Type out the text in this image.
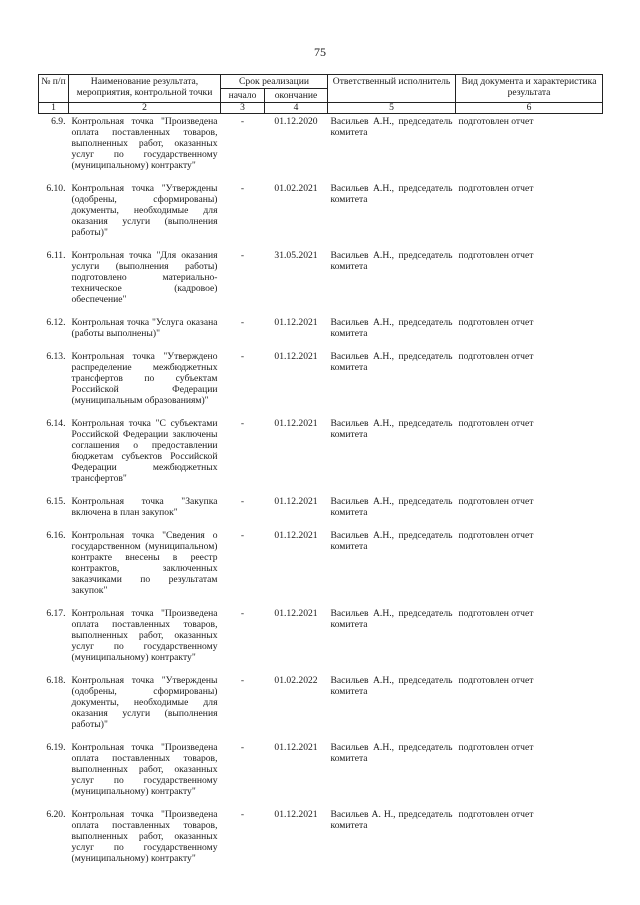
75
№ п/п	Наименование результата, мероприятия, контрольной точки	Срок реализации		Ответственный исполнитель	Вид документа и характеристика результата
		начало	окончание		
1	2	3	4	5	6
6.9.	Контрольная точка "Произведена оплата поставленных товаров, выполненных работ, оказанных услуг по государственному (муниципальному) контракту"	-	01.12.2020	Васильев А.Н., председатель комитета	подготовлен отчет
6.10.	Контрольная точка "Утверждены (одобрены, сформированы) документы, необходимые для оказания услуги (выполнения работы)"	-	01.02.2021	Васильев А.Н., председатель комитета	подготовлен отчет
6.11.	Контрольная точка "Для оказания услуги (выполнения работы) подготовлено материально-техническое (кадровое) обеспечение"	-	31.05.2021	Васильев А.Н., председатель комитета	подготовлен отчет
6.12.	Контрольная точка "Услуга оказана (работы выполнены)"	-	01.12.2021	Васильев А.Н., председатель комитета	подготовлен отчет
6.13.	Контрольная точка "Утверждено распределение межбюджетных трансфертов по субъектам Российской Федерации (муниципальным образованиям)"	-	01.12.2021	Васильев А.Н., председатель комитета	подготовлен отчет
6.14.	Контрольная точка "С субъектами Российской Федерации заключены соглашения о предоставлении бюджетам субъектов Российской Федерации межбюджетных трансфертов"	-	01.12.2021	Васильев А.Н., председатель комитета	подготовлен отчет
6.15.	Контрольная точка "Закупка включена в план закупок"	-	01.12.2021	Васильев А.Н., председатель комитета	подготовлен отчет
6.16.	Контрольная точка "Сведения о государственном (муниципальном) контракте внесены в реестр контрактов, заключенных заказчиками по результатам закупок"	-	01.12.2021	Васильев А.Н., председатель комитета	подготовлен отчет
6.17.	Контрольная точка "Произведена оплата поставленных товаров, выполненных работ, оказанных услуг по государственному (муниципальному) контракту"	-	01.12.2021	Васильев А.Н., председатель комитета	подготовлен отчет
6.18.	Контрольная точка "Утверждены (одобрены, сформированы) документы, необходимые для оказания услуги (выполнения работы)"	-	01.02.2022	Васильев А.Н., председатель комитета	подготовлен отчет
6.19.	Контрольная точка "Произведена оплата поставленных товаров, выполненных работ, оказанных услуг по государственному (муниципальному) контракту"	-	01.12.2021	Васильев А.Н., председатель комитета	подготовлен отчет
6.20.	Контрольная точка "Произведена оплата поставленных товаров, выполненных работ, оказанных услуг по государственному (муниципальному) контракту"	-	01.12.2021	Васильев А. Н., председатель комитета	подготовлен отчет
